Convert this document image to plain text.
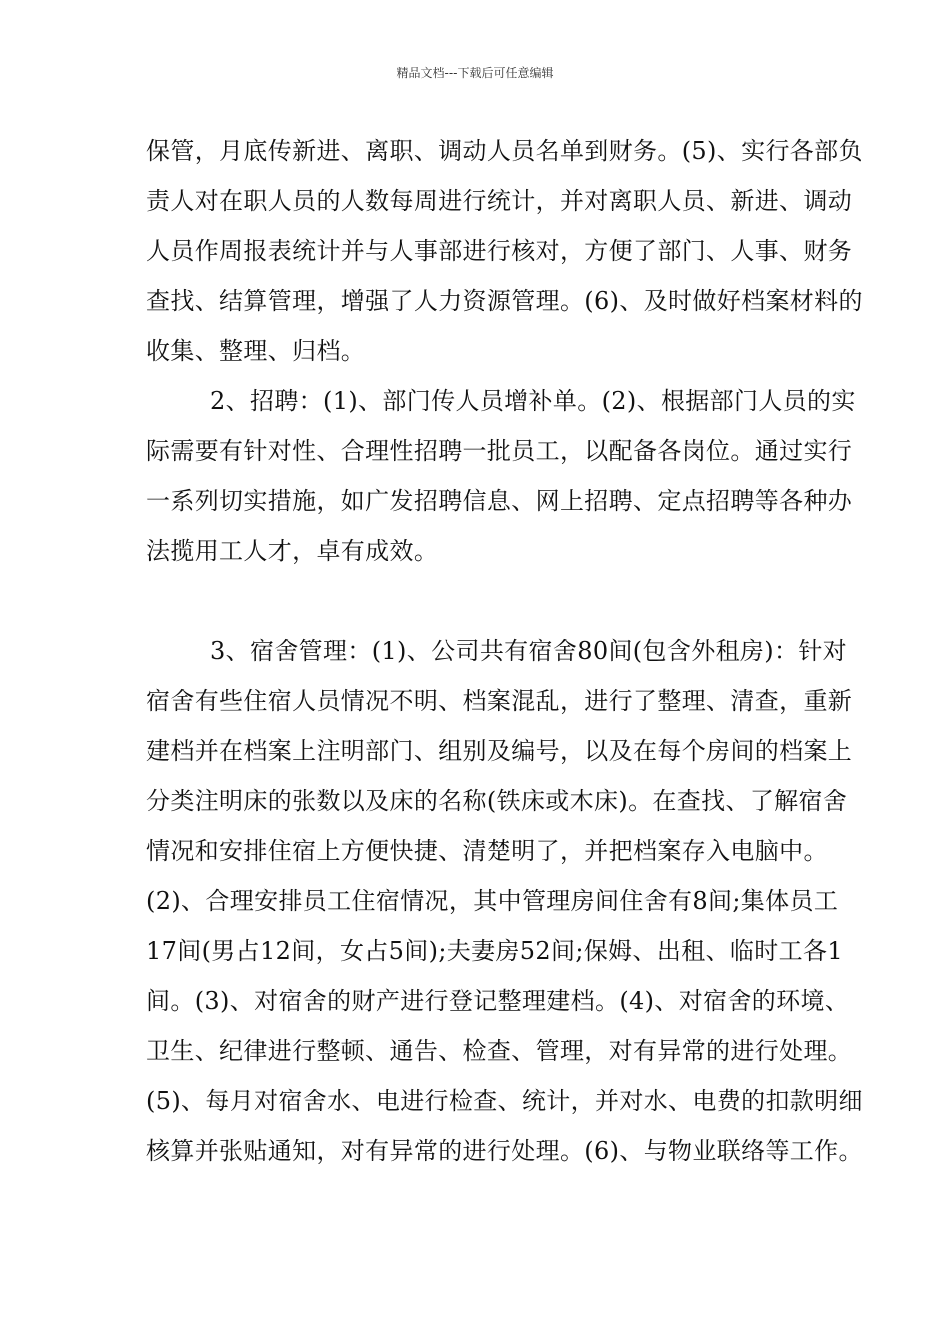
精品文档---下载后可任意编辑
保管，月底传新进、离职、调动人员名单到财务。(5)、实行各部负
责人对在职人员的人数每周进行统计，并对离职人员、新进、调动
人员作周报表统计并与人事部进行核对，方便了部门、人事、财务
查找、结算管理，增强了人力资源管理。(6)、及时做好档案材料的
收集、整理、归档。
2、招聘：(1)、部门传人员增补单。(2)、根据部门人员的实
际需要有针对性、合理性招聘一批员工，以配备各岗位。通过实行
一系列切实措施，如广发招聘信息、网上招聘、定点招聘等各种办
法揽用工人才，卓有成效。
3、宿舍管理：(1)、公司共有宿舍80间(包含外租房)：针对
宿舍有些住宿人员情况不明、档案混乱，进行了整理、清查，重新
建档并在档案上注明部门、组别及编号，以及在每个房间的档案上
分类注明床的张数以及床的名称(铁床或木床)。在查找、了解宿舍
情况和安排住宿上方便快捷、清楚明了，并把档案存入电脑中。
(2)、合理安排员工住宿情况，其中管理房间住舍有8间;集体员工
17间(男占12间，女占5间);夫妻房52间;保姆、出租、临时工各1
间。(3)、对宿舍的财产进行登记整理建档。(4)、对宿舍的环境、
卫生、纪律进行整顿、通告、检查、管理，对有异常的进行处理。
(5)、每月对宿舍水、电进行检查、统计，并对水、电费的扣款明细
核算并张贴通知，对有异常的进行处理。(6)、与物业联络等工作。
